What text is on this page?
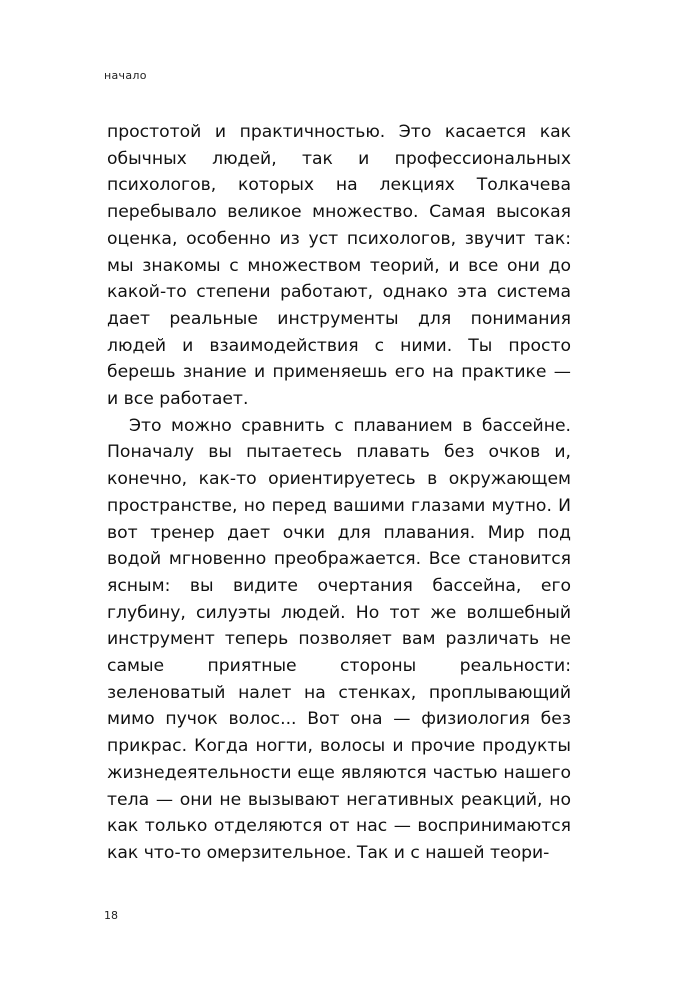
начало

простотой и практичностью. Это касается как обычных людей, так и профессиональных психологов, которых на лекциях Толкачева перебывало великое множество. Самая высокая оценка, особенно из уст психологов, звучит так: мы знакомы с множеством теорий, и все они до какой-то степени работают, однако эта система дает реальные инструменты для понимания людей и взаимодействия с ними. Ты просто берешь знание и применяешь его на практике — и все работает.

Это можно сравнить с плаванием в бассейне. Поначалу вы пытаетесь плавать без очков и, конечно, как-то ориентируетесь в окружающем пространстве, но перед вашими глазами мутно. И вот тренер дает очки для плавания. Мир под водой мгновенно преображается. Все становится ясным: вы видите очертания бассейна, его глубину, силуэты людей. Но тот же волшебный инструмент теперь позволяет вам различать не самые приятные стороны реальности: зеленоватый налет на стенках, проплывающий мимо пучок волос... Вот она — физиология без прикрас. Когда ногти, волосы и прочие продукты жизнедеятельности еще являются частью нашего тела — они не вызывают негативных реакций, но как только отделяются от нас — воспринимаются как что-то омерзительное. Так и с нашей теори-

18
